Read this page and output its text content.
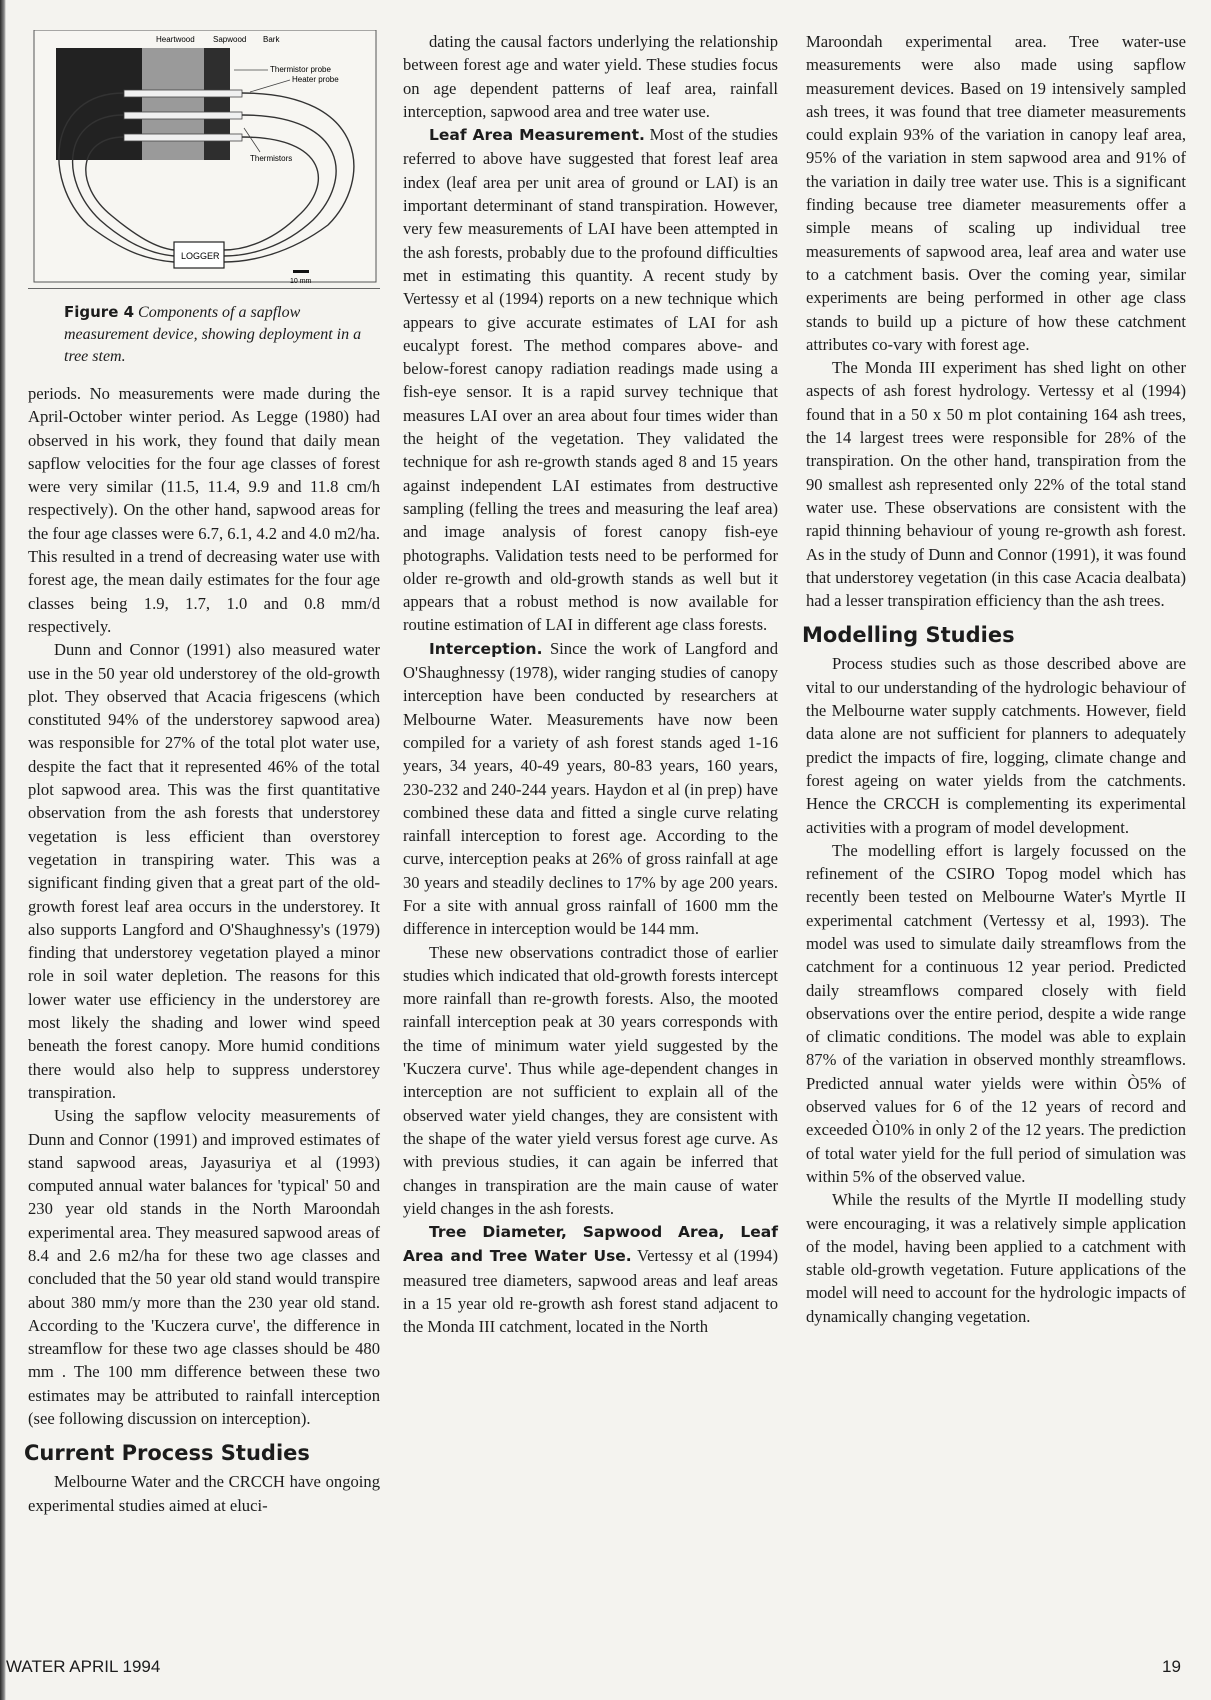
Heartwood Sapwood Bark
Thermistor probe
Heater probe
Thermistors
LOGGER
10 mm
Figure 4 Components of a sapflow measurement device, showing deployment in a tree stem.

periods. No measurements were made during the April-October winter period. As Legge (1980) had observed in his work, they found that daily mean sapflow velocities for the four age classes of forest were very similar (11.5, 11.4, 9.9 and 11.8 cm/h respectively). On the other hand, sapwood areas for the four age classes were 6.7, 6.1, 4.2 and 4.0 m2/ha. This resulted in a trend of decreasing water use with forest age, the mean daily estimates for the four age classes being 1.9, 1.7, 1.0 and 0.8 mm/d respectively.

Dunn and Connor (1991) also measured water use in the 50 year old understorey of the old-growth plot. They observed that Acacia frigescens (which constituted 94% of the understorey sapwood area) was responsible for 27% of the total plot water use, despite the fact that it represented 46% of the total plot sapwood area. This was the first quantitative observation from the ash forests that understorey vegetation is less efficient than overstorey vegetation in transpiring water. This was a significant finding given that a great part of the old-growth forest leaf area occurs in the understorey. It also supports Langford and O'Shaughnessy's (1979) finding that understorey vegetation played a minor role in soil water depletion. The reasons for this lower water use efficiency in the understorey are most likely the shading and lower wind speed beneath the forest canopy. More humid conditions there would also help to suppress understorey transpiration.

Using the sapflow velocity measurements of Dunn and Connor (1991) and improved estimates of stand sapwood areas, Jayasuriya et al (1993) computed annual water balances for 'typical' 50 and 230 year old stands in the North Maroondah experimental area. They measured sapwood areas of 8.4 and 2.6 m2/ha for these two age classes and concluded that the 50 year old stand would transpire about 380 mm/y more than the 230 year old stand. According to the 'Kuczera curve', the difference in streamflow for these two age classes should be 480 mm . The 100 mm difference between these two estimates may be attributed to rainfall interception (see following discussion on interception).

Current Process Studies

Melbourne Water and the CRCCH have ongoing experimental studies aimed at eluci-

dating the causal factors underlying the relationship between forest age and water yield. These studies focus on age dependent patterns of leaf area, rainfall interception, sapwood area and tree water use.

Leaf Area Measurement. Most of the studies referred to above have suggested that forest leaf area index (leaf area per unit area of ground or LAI) is an important determinant of stand transpiration. However, very few measurements of LAI have been attempted in the ash forests, probably due to the profound difficulties met in estimating this quantity. A recent study by Vertessy et al (1994) reports on a new technique which appears to give accurate estimates of LAI for ash eucalypt forest. The method compares above- and below-forest canopy radiation readings made using a fish-eye sensor. It is a rapid survey technique that measures LAI over an area about four times wider than the height of the vegetation. They validated the technique for ash re-growth stands aged 8 and 15 years against independent LAI estimates from destructive sampling (felling the trees and measuring the leaf area) and image analysis of forest canopy fish-eye photographs. Validation tests need to be performed for older re-growth and old-growth stands as well but it appears that a robust method is now available for routine estimation of LAI in different age class forests.

Interception. Since the work of Langford and O'Shaughnessy (1978), wider ranging studies of canopy interception have been conducted by researchers at Melbourne Water. Measurements have now been compiled for a variety of ash forest stands aged 1-16 years, 34 years, 40-49 years, 80-83 years, 160 years, 230-232 and 240-244 years. Haydon et al (in prep) have combined these data and fitted a single curve relating rainfall interception to forest age. According to the curve, interception peaks at 26% of gross rainfall at age 30 years and steadily declines to 17% by age 200 years. For a site with annual gross rainfall of 1600 mm the difference in interception would be 144 mm.

These new observations contradict those of earlier studies which indicated that old-growth forests intercept more rainfall than re-growth forests. Also, the mooted rainfall interception peak at 30 years corresponds with the time of minimum water yield suggested by the 'Kuczera curve'. Thus while age-dependent changes in interception are not sufficient to explain all of the observed water yield changes, they are consistent with the shape of the water yield versus forest age curve. As with previous studies, it can again be inferred that changes in transpiration are the main cause of water yield changes in the ash forests.

Tree Diameter, Sapwood Area, Leaf Area and Tree Water Use. Vertessy et al (1994) measured tree diameters, sapwood areas and leaf areas in a 15 year old re-growth ash forest stand adjacent to the Monda III catchment, located in the North

Maroondah experimental area. Tree water-use measurements were also made using sapflow measurement devices. Based on 19 intensively sampled ash trees, it was found that tree diameter measurements could explain 93% of the variation in canopy leaf area, 95% of the variation in stem sapwood area and 91% of the variation in daily tree water use. This is a significant finding because tree diameter measurements offer a simple means of scaling up individual tree measurements of sapwood area, leaf area and water use to a catchment basis. Over the coming year, similar experiments are being performed in other age class stands to build up a picture of how these catchment attributes co-vary with forest age.

The Monda III experiment has shed light on other aspects of ash forest hydrology. Vertessy et al (1994) found that in a 50 x 50 m plot containing 164 ash trees, the 14 largest trees were responsible for 28% of the transpiration. On the other hand, transpiration from the 90 smallest ash represented only 22% of the total stand water use. These observations are consistent with the rapid thinning behaviour of young re-growth ash forest. As in the study of Dunn and Connor (1991), it was found that understorey vegetation (in this case Acacia dealbata) had a lesser transpiration efficiency than the ash trees.

Modelling Studies

Process studies such as those described above are vital to our understanding of the hydrologic behaviour of the Melbourne water supply catchments. However, field data alone are not sufficient for planners to adequately predict the impacts of fire, logging, climate change and forest ageing on water yields from the catchments. Hence the CRCCH is complementing its experimental activities with a program of model development.

The modelling effort is largely focussed on the refinement of the CSIRO Topog model which has recently been tested on Melbourne Water's Myrtle II experimental catchment (Vertessy et al, 1993). The model was used to simulate daily streamflows from the catchment for a continuous 12 year period. Predicted daily streamflows compared closely with field observations over the entire period, despite a wide range of climatic conditions. The model was able to explain 87% of the variation in observed monthly streamflows. Predicted annual water yields were within Ò5% of observed values for 6 of the 12 years of record and exceeded Ò10% in only 2 of the 12 years. The prediction of total water yield for the full period of simulation was within 5% of the observed value.

While the results of the Myrtle II modelling study were encouraging, it was a relatively simple application of the model, having been applied to a catchment with stable old-growth vegetation. Future applications of the model will need to account for the hydrologic impacts of dynamically changing vegetation.

WATER APRIL 1994	19
